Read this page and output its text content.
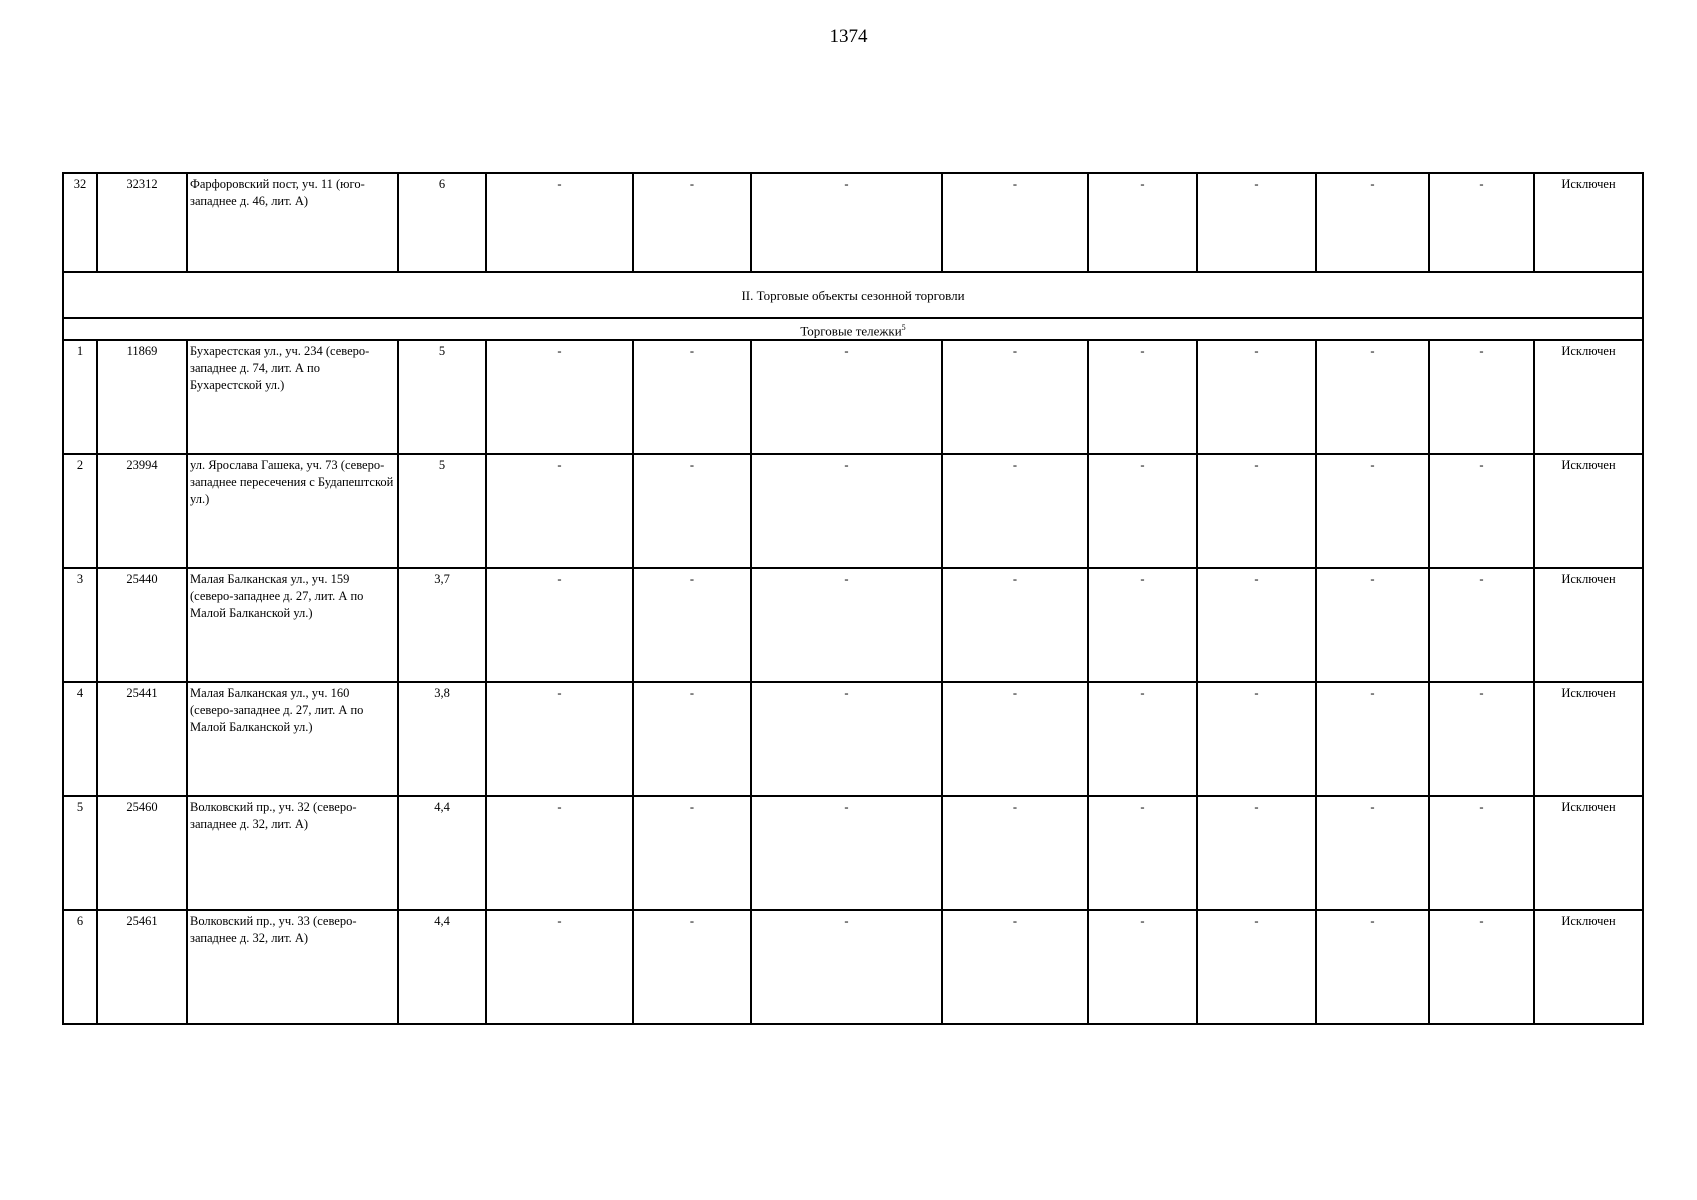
1374
32	32312	Фарфоровский пост, уч. 11 (юго-западнее д. 46, лит. А)	6	-	-	-	-	-	-	-	-	Исключен
II. Торговые объекты сезонной торговли												
Торговые тележки$^5$
1	11869	Бухарестская ул., уч. 234 (северо-западнее д. 74, лит. А по Бухарестской ул.)	5	-	-	-	-	-	-	-	-	Исключен
2	23994	ул. Ярослава Гашека, уч. 73 (северо-западнее пересечения с Будапештской ул.)	5	-	-	-	-	-	-	-	-	Исключен
3	25440	Малая Балканская ул., уч. 159 (северо-западнее д. 27, лит. А по Малой Балканской ул.)	3,7	-	-	-	-	-	-	-	-	Исключен
4	25441	Малая Балканская ул., уч. 160 (северо-западнее д. 27, лит. А по Малой Балканской ул.)	3,8	-	-	-	-	-	-	-	-	Исключен
5	25460	Волковский пр., уч. 32 (северо-западнее д. 32, лит. А)	4,4	-	-	-	-	-	-	-	-	Исключен
6	25461	Волковский пр., уч. 33 (северо-западнее д. 32, лит. А)	4,4	-	-	-	-	-	-	-	-	Исключен
